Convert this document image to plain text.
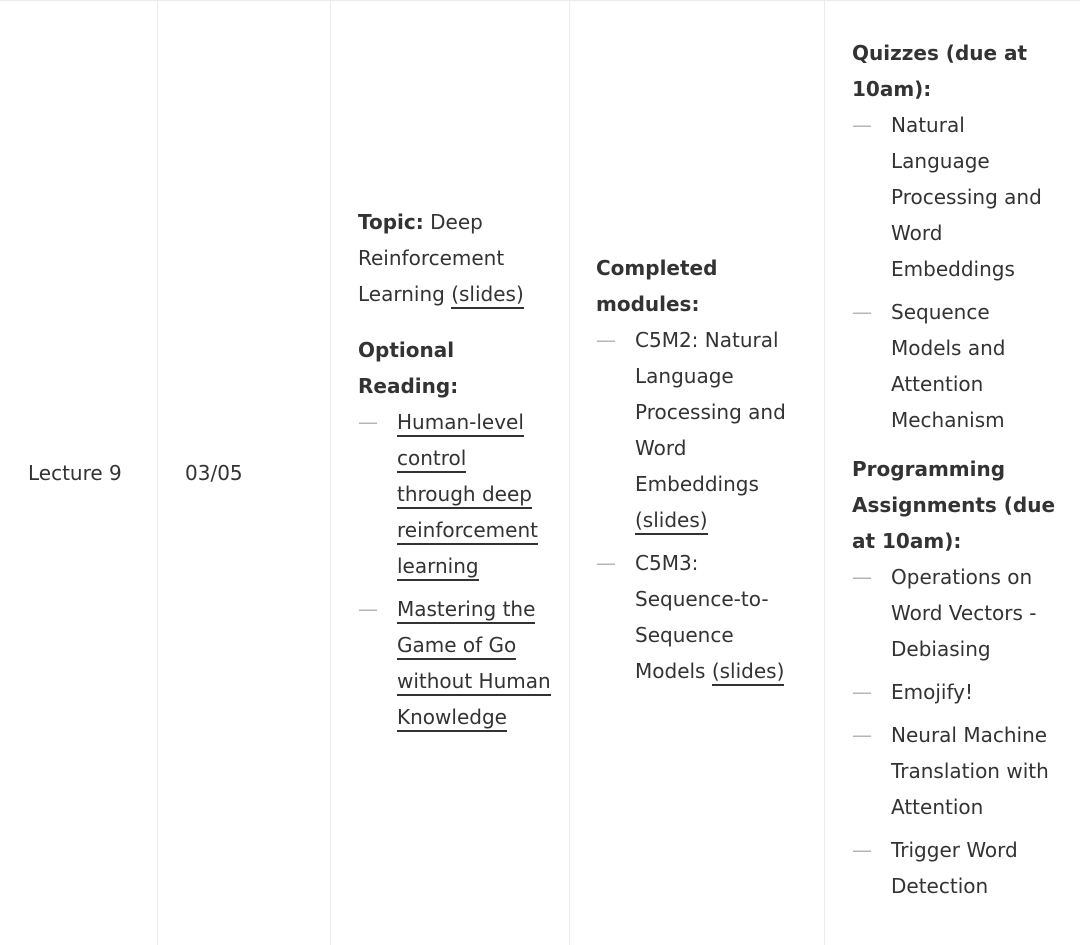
Lecture 9	03/05

Topic: Deep Reinforcement Learning (slides)

Optional Reading:

— Human-level control through deep reinforcement learning
— Mastering the Game of Go without Human Knowledge

Completed modules:

— C5M2: Natural Language Processing and Word Embeddings (slides)
— C5M3: Sequence-to-Sequence Models (slides)

Quizzes (due at 10am):

— Natural Language Processing and Word Embeddings
— Sequence Models and Attention Mechanism

Programming Assignments (due at 10am):

— Operations on Word Vectors - Debiasing
— Emojify!
— Neural Machine Translation with Attention
— Trigger Word Detection
